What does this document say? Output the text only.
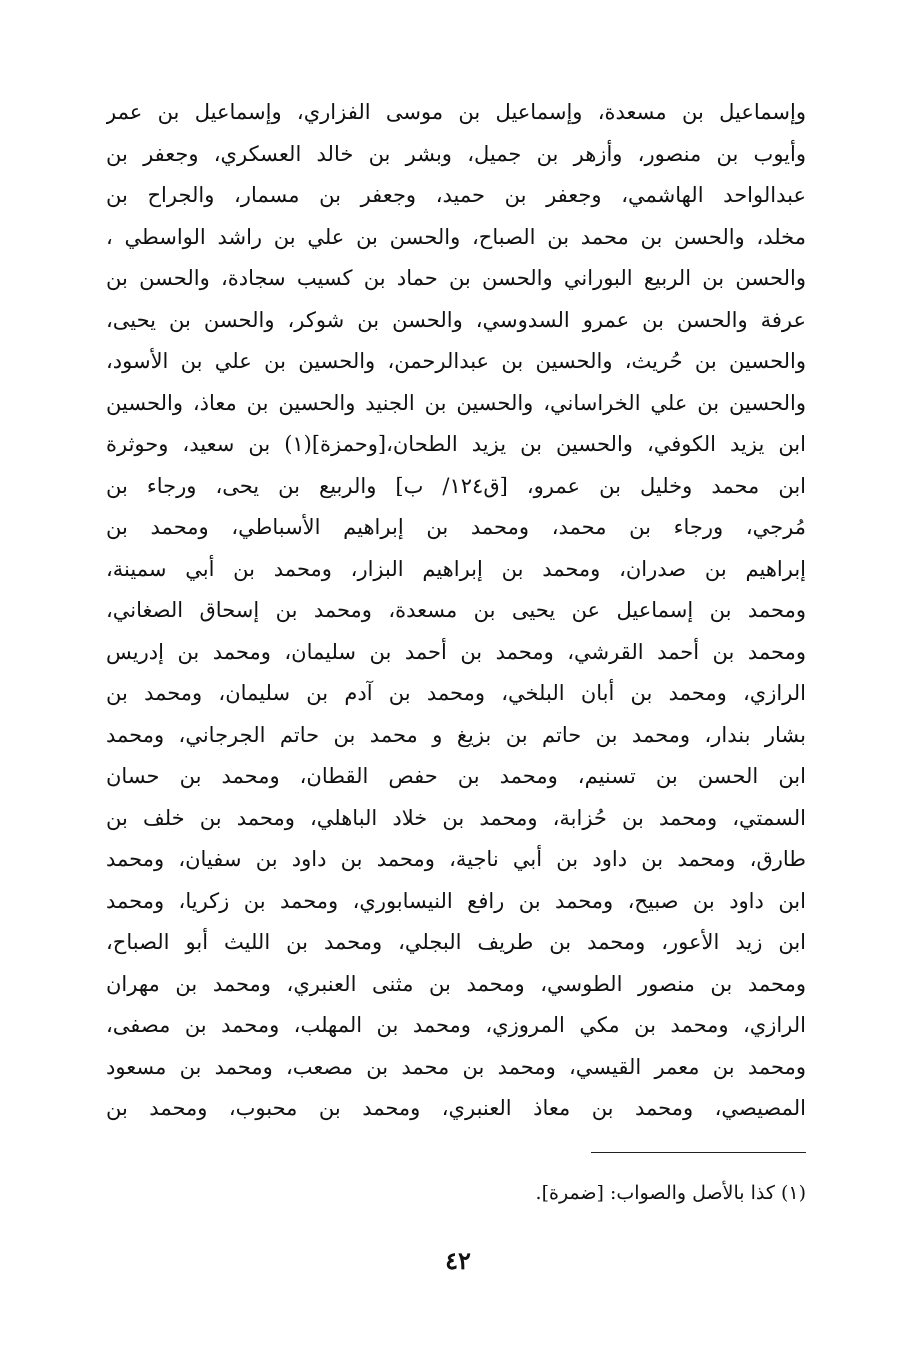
وإسماعيل بن مسعدة، وإسماعيل بن موسى الفزاري، وإسماعيل بن عمر
وأيوب بن منصور، وأزهر بن جميل، وبشر بن خالد العسكري، وجعفر بن
عبدالواحد الهاشمي، وجعفر بن حميد، وجعفر بن مسمار، والجراح بن
مخلد، والحسن بن محمد بن الصباح، والحسن بن علي بن راشد الواسطي ،
والحسن بن الربيع البوراني والحسن بن حماد بن كسيب سجادة، والحسن بن
عرفة والحسن بن عمرو السدوسي، والحسن بن شوكر، والحسن بن يحيى،
والحسين بن حُريث، والحسين بن عبدالرحمن، والحسين بن علي بن الأسود،
والحسين بن علي الخراساني، والحسين بن الجنيد والحسين بن معاذ، والحسين
ابن يزيد الكوفي، والحسين بن يزيد الطحان،[وحمزة](١) بن سعيد، وحوثرة
ابن محمد وخليل بن عمرو، [ق١٢٤/ ب] والربيع بن يحى، ورجاء بن
مُرجي، ورجاء بن محمد، ومحمد بن إبراهيم الأسباطي، ومحمد بن
إبراهيم بن صدران، ومحمد بن إبراهيم البزار، ومحمد بن أبي سمينة،
ومحمد بن إسماعيل عن يحيى بن مسعدة، ومحمد بن إسحاق الصغاني،
ومحمد بن أحمد القرشي، ومحمد بن أحمد بن سليمان، ومحمد بن إدريس
الرازي، ومحمد بن أبان البلخي، ومحمد بن آدم بن سليمان، ومحمد بن
بشار بندار، ومحمد بن حاتم بن بزيغ و محمد بن حاتم الجرجاني، ومحمد
ابن الحسن بن تسنيم، ومحمد بن حفص القطان، ومحمد بن حسان
السمتي، ومحمد بن حُزابة، ومحمد بن خلاد الباهلي، ومحمد بن خلف بن
طارق، ومحمد بن داود بن أبي ناجية، ومحمد بن داود بن سفيان، ومحمد
ابن داود بن صبيح، ومحمد بن رافع النيسابوري، ومحمد بن زكريا، ومحمد
ابن زيد الأعور، ومحمد بن طريف البجلي، ومحمد بن الليث أبو الصباح،
ومحمد بن منصور الطوسي، ومحمد بن مثنى العنبري، ومحمد بن مهران
الرازي، ومحمد بن مكي المروزي، ومحمد بن المهلب، ومحمد بن مصفى،
ومحمد بن معمر القيسي، ومحمد بن محمد بن مصعب، ومحمد بن مسعود
المصيصي، ومحمد بن معاذ العنبري، ومحمد بن محبوب، ومحمد بن
(١) كذا بالأصل والصواب: [ضمرة].
٤٢
